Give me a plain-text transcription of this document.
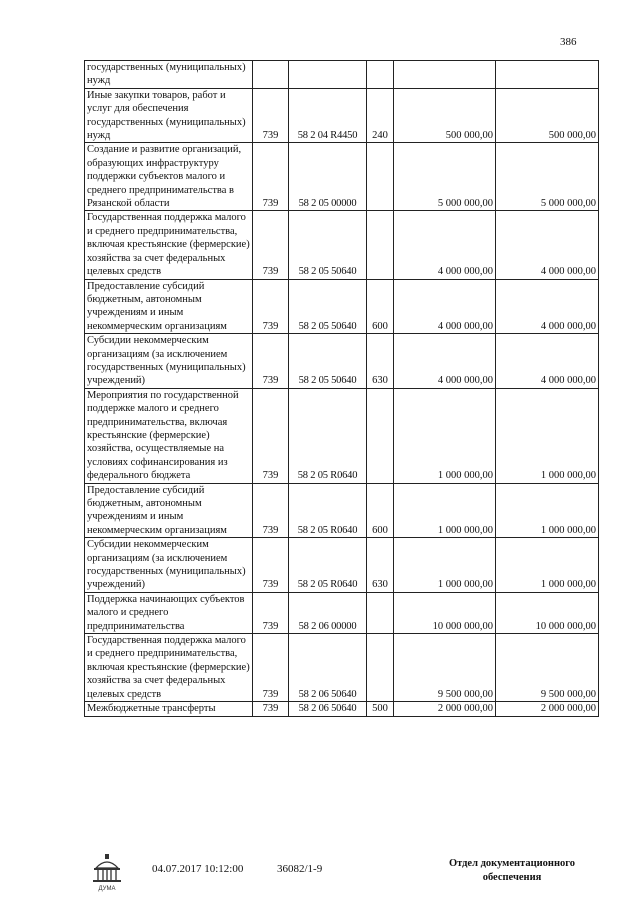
386
государственных (муниципальных) нужд					
Иные закупки товаров, работ и услуг для обеспечения государственных (муниципальных) нужд	739	58 2 04 R4450	240	500 000,00	500 000,00
Создание и развитие организаций, образующих инфраструктуру поддержки субъектов малого и среднего предпринимательства в Рязанской области	739	58 2 05 00000		5 000 000,00	5 000 000,00
Государственная поддержка малого и среднего предпринимательства, включая крестьянские (фермерские) хозяйства за счет федеральных целевых средств	739	58 2 05 50640		4 000 000,00	4 000 000,00
Предоставление субсидий бюджетным, автономным учреждениям и иным некоммерческим организациям	739	58 2 05 50640	600	4 000 000,00	4 000 000,00
Субсидии некоммерческим организациям (за исключением государственных (муниципальных) учреждений)	739	58 2 05 50640	630	4 000 000,00	4 000 000,00
Мероприятия по государственной поддержке малого и среднего предпринимательства, включая крестьянские (фермерские) хозяйства, осуществляемые на условиях софинансирования из федерального бюджета	739	58 2 05 R0640		1 000 000,00	1 000 000,00
Предоставление субсидий бюджетным, автономным учреждениям и иным некоммерческим организациям	739	58 2 05 R0640	600	1 000 000,00	1 000 000,00
Субсидии некоммерческим организациям (за исключением государственных (муниципальных) учреждений)	739	58 2 05 R0640	630	1 000 000,00	1 000 000,00
Поддержка начинающих субъектов малого и среднего предпринимательства	739	58 2 06 00000		10 000 000,00	10 000 000,00
Государственная поддержка малого и среднего предпринимательства, включая крестьянские (фермерские) хозяйства за счет федеральных целевых средств	739	58 2 06 50640		9 500 000,00	9 500 000,00
Межбюджетные трансферты	739	58 2 06 50640	500	2 000 000,00	2 000 000,00
ДУМА
04.07.2017 10:12:00	36082/1-9	Отдел документационного обеспечения
